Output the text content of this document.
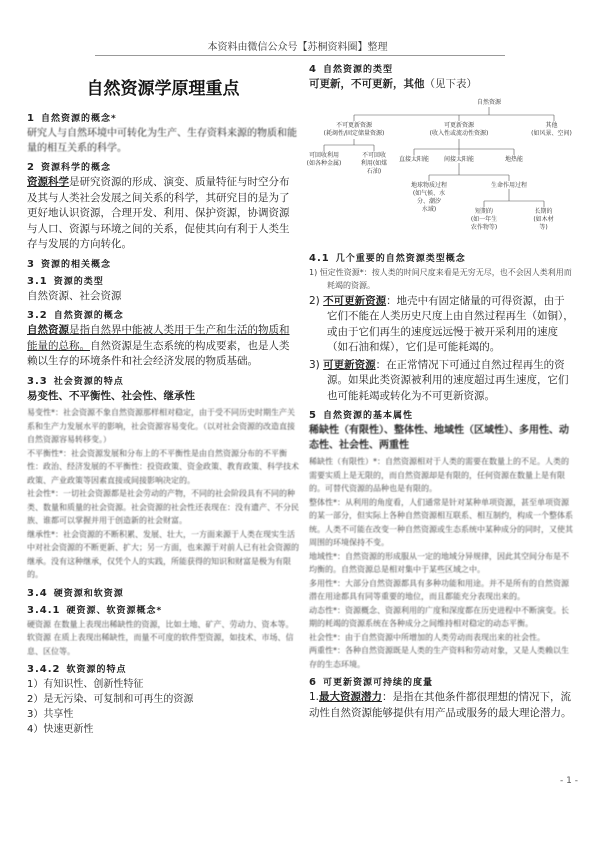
本资料由微信公众号【苏桐资料圈】整理
自然资源学原理重点
1 自然资源的概念*

研究人与自然环境中可转化为生产、生存资料来源的物质和能量的相互关系的科学。

2 资源科学的概念

资源科学是研究资源的形成、演变、质量特征与时空分布及其与人类社会发展之间关系的科学，其研究目的是为了更好地认识资源，合理开发、利用、保护资源，协调资源与人口、资源与环境之间的关系，促使其向有利于人类生存与发展的方向转化。

3 资源的相关概念
3.1 资源的类型

自然资源、社会资源

3.2 自然资源的概念

自然资源是指自然界中能被人类用于生产和生活的物质和能量的总称。自然资源是生态系统的构成要素，也是人类赖以生存的环境条件和社会经济发展的物质基础。

3.3 社会资源的特点

易变性、不平衡性、社会性、继承性

易变性*：社会资源不象自然资源那样相对稳定，由于受不同历史时期生产关系和生产力发展水平的影响，社会资源容易变化。（以对社会资源的改造直接自然资源容易转移变。）

不平衡性*：社会资源发展和分布上的不平衡性是由自然资源分布的不平衡性：政治、经济发展的不平衡性：投资政策、资金政策、教育政策、科学技术政策、产业政策等因素直接或间接影响决定的。

社会性*：一切社会资源都是社会劳动的产物，不同的社会阶段具有不同的种类、数量和质量的社会资源。社会资源的社会性还表现在：没有遗产、不分民族、谁都可以掌握并用于创造新的社会财富。

继承性*：社会资源的不断积累、发展、壮大，一方面来源于人类在现实生活中对社会资源的不断更新、扩大；另一方面，也来源于对前人已有社会资源的继承。没有这种继承，仅凭个人的实践，所能获得的知识和财富是极为有限的。

3.4 硬资源和软资源
3.4.1 硬资源、软资源概念*

硬资源 在数量上表现出稀缺性的资源，比如土地、矿产、劳动力、资本等。

软资源 在质上表现出稀缺性，而量不可度的软件型资源，如技术、市场、信息、区位等。

3.4.2 软资源的特点

1）有知识性、创新性特征

2）是无污染、可复制和可再生的资源

3）共享性

4）快速更新性

4 自然资源的类型

可更新，不可更新，其他（见下表）

自然资源
不可更新资源
(耗竭性/固定储量资源)
可更新资源
(收入性或流动性资源)
其他
(如风景、空间)
可回收利用
(如各种金属)
不可回收
利用(如煤
石油)
直接太阳能	间接太阳能	地热能
地球物质过程
(如气候、水
分、潮汐
水域)
生命作用过程
短期的
(如一年生
农作物等)
长期的
(如木材
等)
4.1 几个重要的自然资源类型概念

1) 恒定性资源*：按人类的时间尺度来看是无穷无尽，也不会因人类利用而耗竭的资源。

2) 不可更新资源：地壳中有固定储量的可得资源，由于它们不能在人类历史尺度上由自然过程再生（如铜），或由于它们再生的速度远远慢于被开采利用的速度（如石油和煤），它们是可能耗竭的。

3) 可更新资源：在正常情况下可通过自然过程再生的资源。如果此类资源被利用的速度超过再生速度，它们也可能耗竭或转化为不可更新资源。

5 自然资源的基本属性

稀缺性（有限性）、整体性、地域性（区域性）、多用性、动态性、社会性、两重性

稀缺性（有限性）*：自然资源相对于人类的需要在数量上的不足。人类的需要实质上是无限的，而自然资源却是有限的，任何资源在数量上是有限的。可替代资源的品种也是有限的。

整体性*：从利用的角度看，人们通常是针对某种单项资源，甚至单项资源的某一部分，但实际上各种自然资源相互联系、相互制约，构成一个整体系统。人类不可能在改变一种自然资源或生态系统中某种成分的同时，又使其周围的环境保持不变。

地域性*：自然资源的形成服从一定的地域分异规律，因此其空间分布是不均衡的。自然资源总是相对集中于某些区域之中。

多用性*：大部分自然资源都具有多种功能和用途。并不是所有的自然资源潜在用途都具有同等重要的地位，而且都能充分表现出来的。

动态性*：资源概念、资源利用的广度和深度都在历史进程中不断演变。长期的耗竭的资源系统在各种成分之间维持相对稳定的动态平衡。

社会性*：由于自然资源中所增加的人类劳动而表现出来的社会性。

两重性*：各种自然资源既是人类的生产资料和劳动对象，又是人类赖以生存的生态环境。

6 可更新资源可持续的度量

1.最大资源潜力：是指在其他条件都很理想的情况下，流动性自然资源能够提供有用产品或服务的最大理论潜力。

- 1 -
